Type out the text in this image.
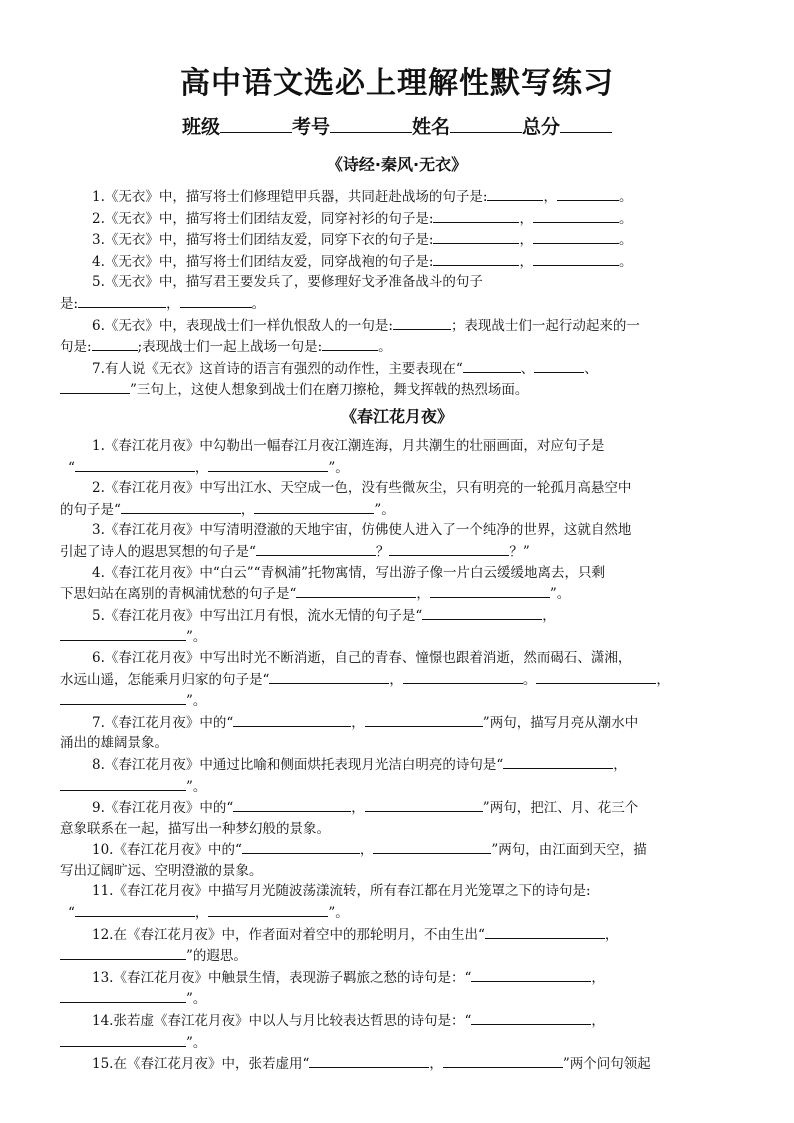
高中语文选必上理解性默写练习
班级	考号	姓名	总分
《诗经·秦风·无衣》

1.《无衣》中，描写将士们修理铠甲兵器，共同赶赴战场的句子是:	，	。

2.《无衣》中，描写将士们团结友爱，同穿衬衫的句子是:	，	。

3.《无衣》中，描写将士们团结友爱，同穿下衣的句子是:	，	。

4.《无衣》中，描写将士们团结友爱，同穿战袍的句子是:	，	。

5.《无衣》中，描写君王要发兵了，要修理好戈矛准备战斗的句子

是:	，	。

6.《无衣》中，表现战士们一样仇恨敌人的一句是:	；表现战士们一起行动起来的一

句是:	;表现战士们一起上战场一句是:	。

7.有人说《无衣》这首诗的语言有强烈的动作性，主要表现在“	、	、

”三句上，这使人想象到战士们在磨刀擦枪，舞戈挥戟的热烈场面。

《春江花月夜》

1.《春江花月夜》中勾勒出一幅春江月夜江潮连海，月共潮生的壮丽画面，对应句子是

“	，	”。

2.《春江花月夜》中写出江水、天空成一色，没有些微灰尘，只有明亮的一轮孤月高悬空中

的句子是“	，	”。

3.《春江花月夜》中写清明澄澈的天地宇宙，仿佛使人进入了一个纯净的世界，这就自然地

引起了诗人的遐思冥想的句子是“	？	？”

4.《春江花月夜》中“白云”“青枫浦”托物寓情，写出游子像一片白云缓缓地离去，只剩

下思妇站在离别的青枫浦忧愁的句子是“	，	”。

5.《春江花月夜》中写出江月有恨，流水无情的句子是“	，

”。

6.《春江花月夜》中写出时光不断消逝，自己的青春、憧憬也跟着消逝，然而碣石、潇湘，

水远山遥，怎能乘月归家的句子是“	，	。	，

”。

7.《春江花月夜》中的“	，	”两句，描写月亮从潮水中

涌出的雄阔景象。

8.《春江花月夜》中通过比喻和侧面烘托表现月光洁白明亮的诗句是“	，

”。

9.《春江花月夜》中的“	，	”两句，把江、月、花三个

意象联系在一起，描写出一种梦幻般的景象。

10.《春江花月夜》中的“	，	”两句，由江面到天空，描

写出辽阔旷远、空明澄澈的景象。

11.《春江花月夜》中描写月光随波荡漾流转，所有春江都在月光笼罩之下的诗句是:

“	，	”。

12.在《春江花月夜》中，作者面对着空中的那轮明月，不由生出“	，

”的遐思。

13.《春江花月夜》中触景生情，表现游子羁旅之愁的诗句是：“	，

”。

14.张若虚《春江花月夜》中以人与月比较表达哲思的诗句是：“	，

”。

15.在《春江花月夜》中，张若虚用“	，	”两个问句领起
